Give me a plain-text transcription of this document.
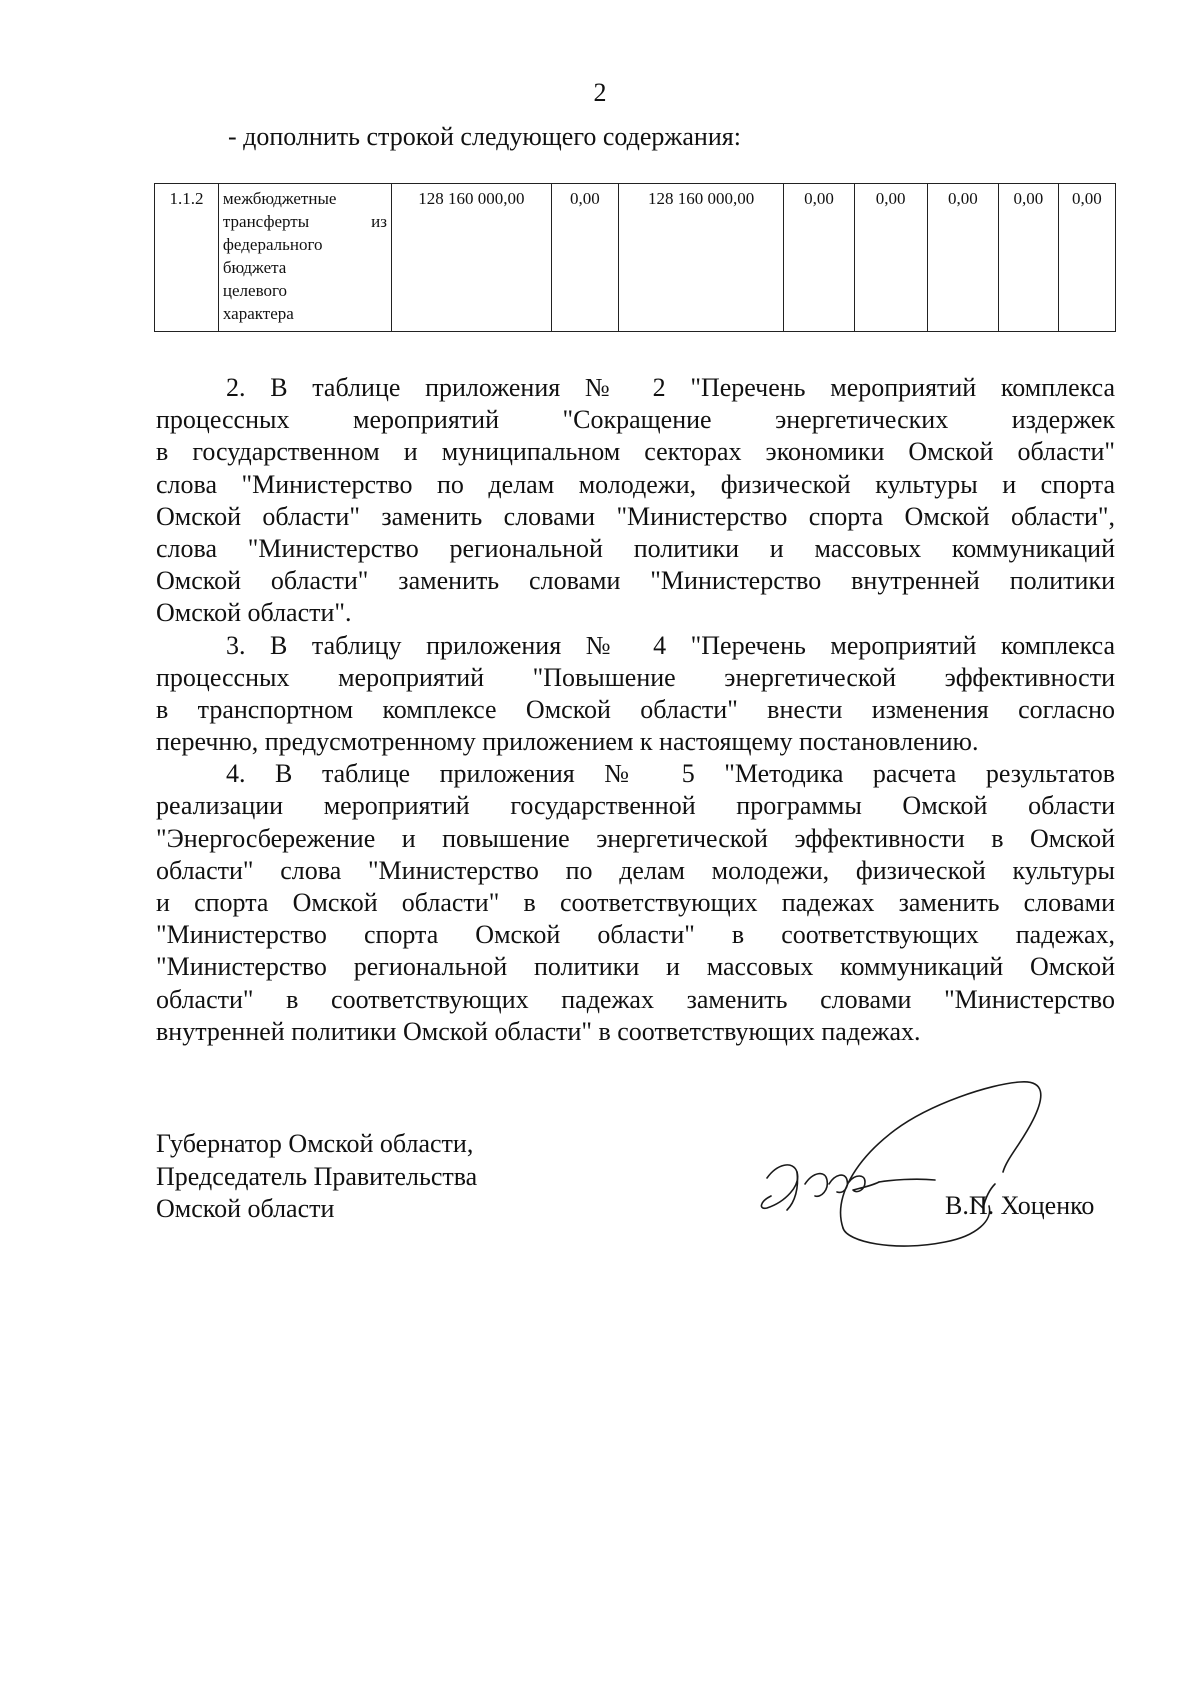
2
- дополнить строкой следующего содержания:
1.1.2	межбюджетные
трансферты из
федерального
бюджета
целевого
характера
	128 160 000,00	0,00	128 160 000,00	0,00	0,00	0,00	0,00	0,00
2. В таблице приложения № 2 "Перечень мероприятий комплекса
процессных мероприятий "Сокращение энергетических издержек
в государственном и муниципальном секторах экономики Омской области"
слова "Министерство по делам молодежи, физической культуры и спорта
Омской области" заменить словами "Министерство спорта Омской области",
слова "Министерство региональной политики и массовых коммуникаций
Омской области" заменить словами "Министерство внутренней политики
Омской области".
3. В таблицу приложения № 4 "Перечень мероприятий комплекса
процессных мероприятий "Повышение энергетической эффективности
в транспортном комплексе Омской области" внести изменения согласно
перечню, предусмотренному приложением к настоящему постановлению.
4. В таблице приложения № 5 "Методика расчета результатов
реализации мероприятий государственной программы Омской области
"Энергосбережение и повышение энергетической эффективности в Омской
области" слова "Министерство по делам молодежи, физической культуры
и спорта Омской области" в соответствующих падежах заменить словами
"Министерство спорта Омской области" в соответствующих падежах,
"Министерство региональной политики и массовых коммуникаций Омской
области" в соответствующих падежах заменить словами "Министерство
внутренней политики Омской области" в соответствующих падежах.
Губернатор Омской области,
Председатель Правительства
Омской области	В.П. Хоценко
